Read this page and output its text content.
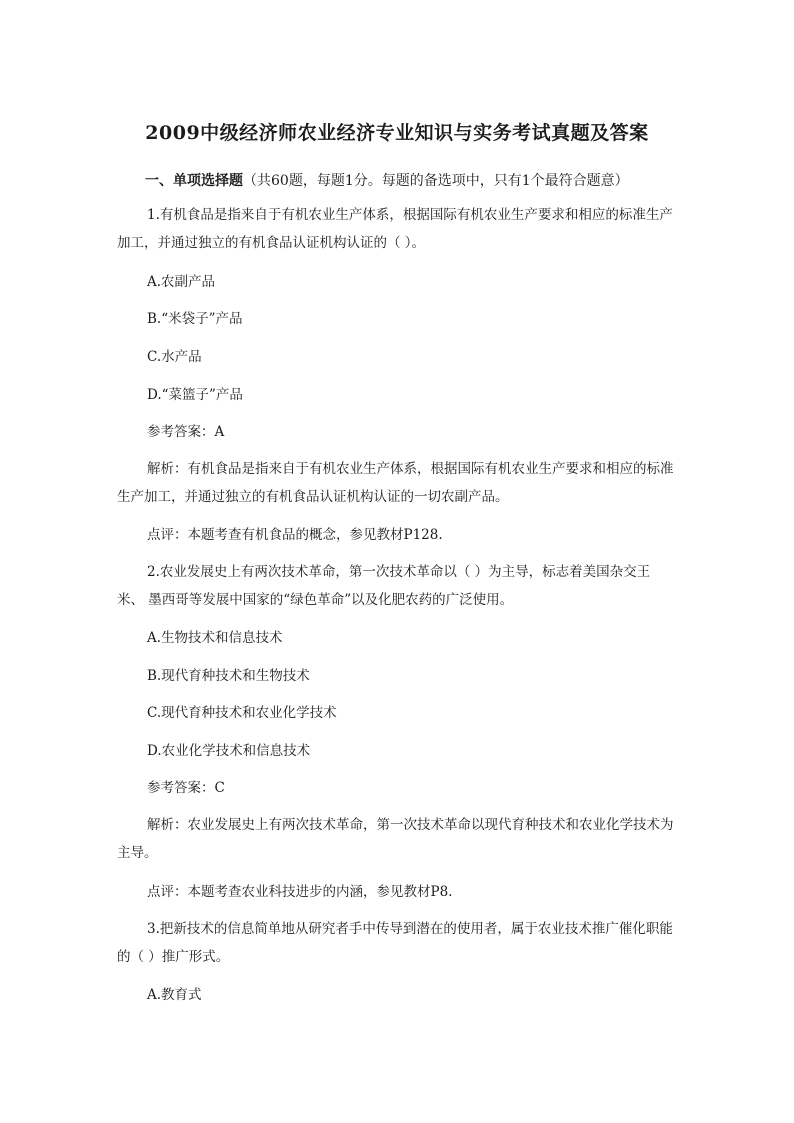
2009中级经济师农业经济专业知识与实务考试真题及答案
一、单项选择题（共60题，每题1分。每题的备选项中，只有1个最符合题意）
1.有机食品是指来自于有机农业生产体系，根据国际有机农业生产要求和相应的标准生产加工，并通过独立的有机食品认证机构认证的（ ）。
A.农副产品
B.“米袋子”产品
C.水产品
D.“菜篮子”产品
参考答案：A
解析：有机食品是指来自于有机农业生产体系，根据国际有机农业生产要求和相应的标准生产加工，并通过独立的有机食品认证机构认证的一切农副产品。
点评：本题考查有机食品的概念，参见教材P128.
2.农业发展史上有两次技术革命，第一次技术革命以（ ）为主导，标志着美国杂交王米、 墨西哥等发展中国家的“绿色革命”以及化肥农药的广泛使用。
A.生物技术和信息技术
B.现代育种技术和生物技术
C.现代育种技术和农业化学技术
D.农业化学技术和信息技术
参考答案：C
解析：农业发展史上有两次技术革命，第一次技术革命以现代育种技术和农业化学技术为主导。
点评：本题考查农业科技进步的内涵，参见教材P8.
3.把新技术的信息简单地从研究者手中传导到潜在的使用者，属于农业技术推广催化职能的（ ）推广形式。
A.教育式
